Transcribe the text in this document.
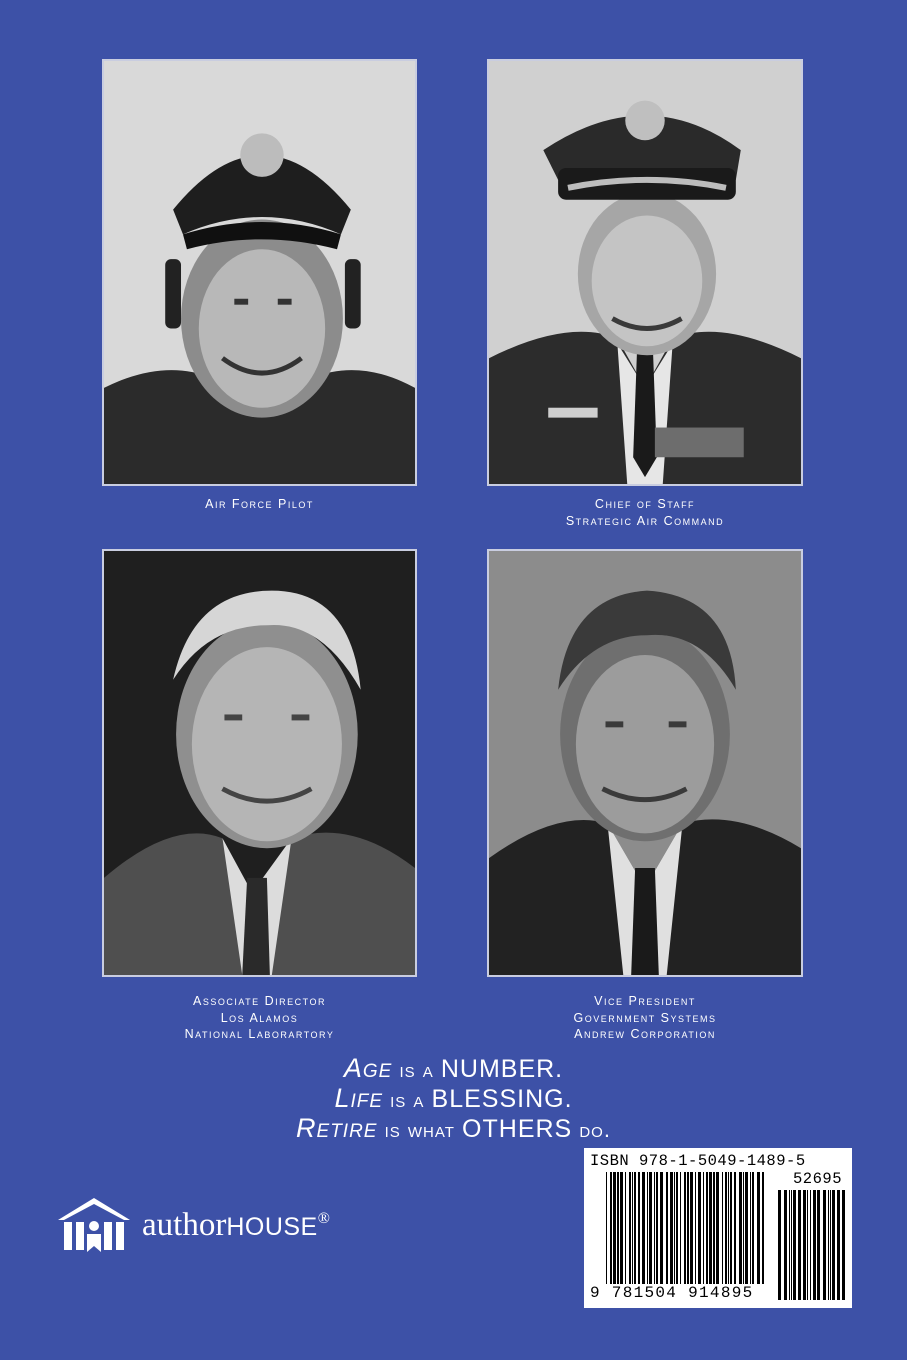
Air Force Pilot	Chief of Staff
Strategic Air Command
Associate Director
Los Alamos
National Laborartory
Vice President
Government Systems
Andrew Corporation
Age is a NUMBER.
Life is a BLESSING.
Retire is what OTHERS do.
authorHOUSE®
ISBN 978-1-5049-1489-5
52695
9 781504 914895
